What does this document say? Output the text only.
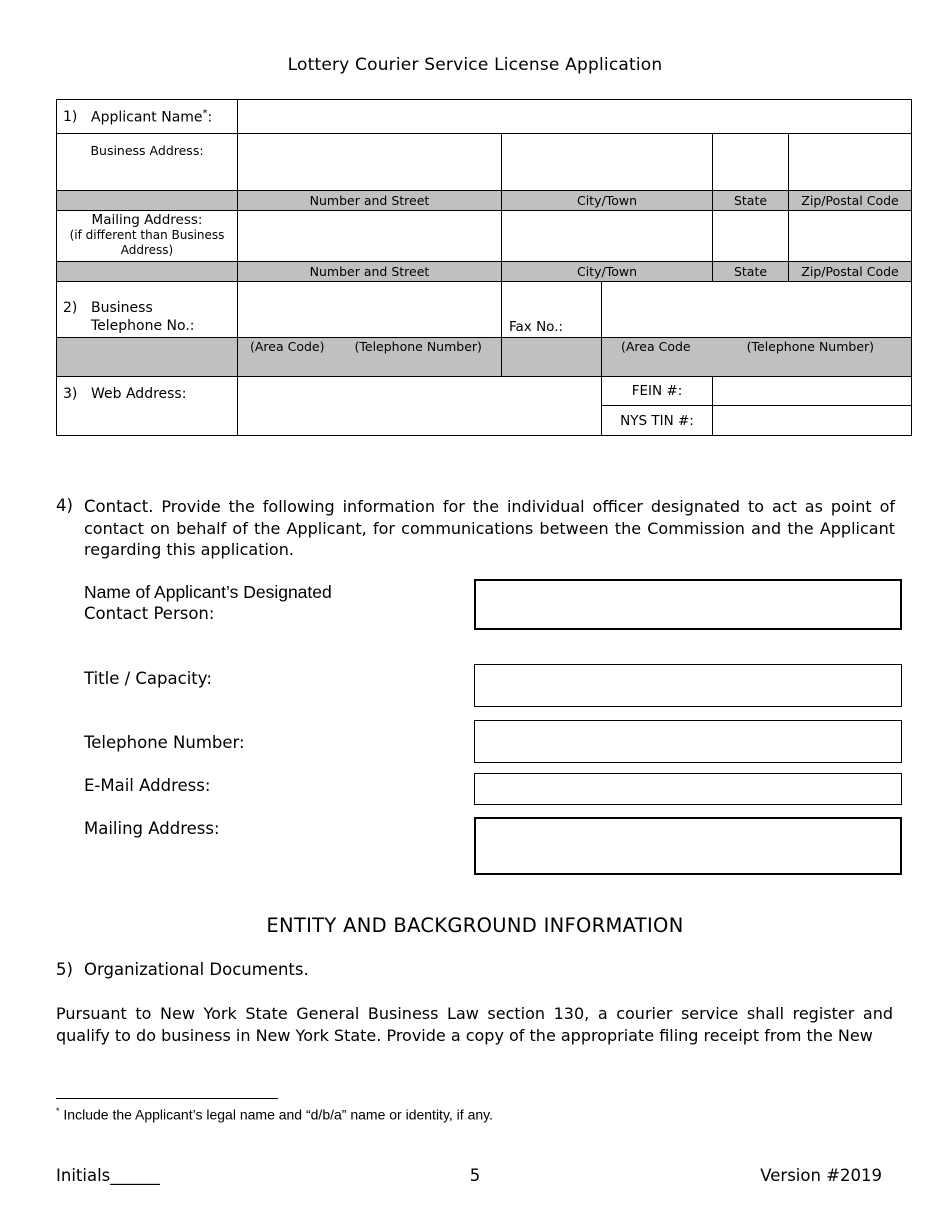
Lottery Courier Service License Application
1) Applicant Name*:					
Business Address:					
	Number and Street	City/Town		State	Zip/Postal Code

Mailing Address:
(if different than Business Address)					

	Number and Street	City/Town		State	Zip/Postal Code

2) Business
Telephone No.:		Fax No.:			
	(Area Code) (Telephone Number)		(Area Code (Telephone Number)		
3) Web Address:			FEIN #:		
			NYS TIN #:		
4) Contact. Provide the following information for the individual officer designated to act as point of contact on behalf of the Applicant, for communications between the Commission and the Applicant regarding this application.
Name of Applicant’s Designated
Contact Person:
Title / Capacity:
Telephone Number:
E-Mail Address:
Mailing Address:
ENTITY AND BACKGROUND INFORMATION
5) Organizational Documents.
Pursuant to New York State General Business Law section 130, a courier service shall register and qualify to do business in New York State. Provide a copy of the appropriate filing receipt from the New
* Include the Applicant’s legal name and “d/b/a” name or identity, if any.
Initials______	5	Version #2019
